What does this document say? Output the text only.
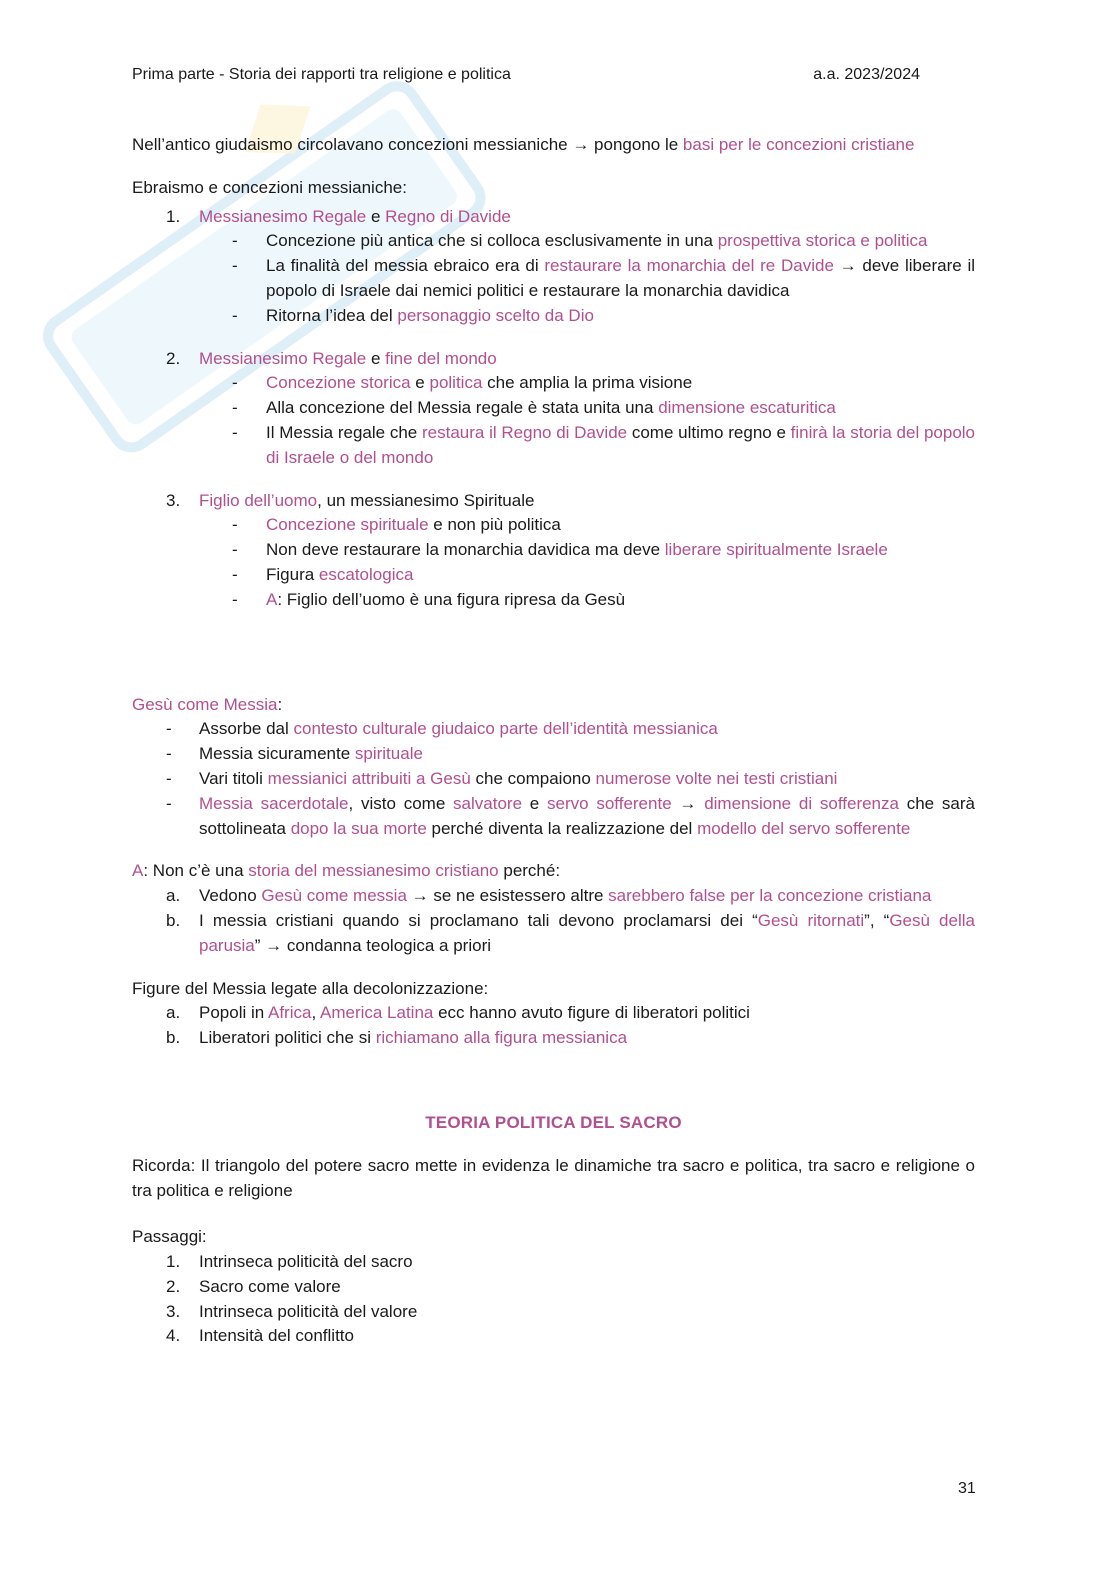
Prima parte - Storia dei rapporti tra religione e politica	a.a. 2023/2024

Nell’antico giudaismo circolavano concezioni messianiche → pongono le basi per le concezioni cristiane

Ebraismo e concezioni messianiche:

1. Messianesimo Regale e Regno di Davide
- Concezione più antica che si colloca esclusivamente in una prospettiva storica e politica
- La finalità del messia ebraico era di restaurare la monarchia del re Davide → deve liberare il popolo di Israele dai nemici politici e restaurare la monarchia davidica
- Ritorna l’idea del personaggio scelto da Dio
2. Messianesimo Regale e fine del mondo
- Concezione storica e politica che amplia la prima visione
- Alla concezione del Messia regale è stata unita una dimensione escaturitica
- Il Messia regale che restaura il Regno di Davide come ultimo regno e finirà la storia del popolo di Israele o del mondo
3. Figlio dell’uomo, un messianesimo Spirituale
- Concezione spirituale e non più politica
- Non deve restaurare la monarchia davidica ma deve liberare spiritualmente Israele
- Figura escatologica
- A: Figlio dell’uomo è una figura ripresa da Gesù

Gesù come Messia:

- Assorbe dal contesto culturale giudaico parte dell’identità messianica
- Messia sicuramente spirituale
- Vari titoli messianici attribuiti a Gesù che compaiono numerose volte nei testi cristiani
- Messia sacerdotale, visto come salvatore e servo sofferente → dimensione di sofferenza che sarà sottolineata dopo la sua morte perché diventa la realizzazione del modello del servo sofferente

A: Non c’è una storia del messianesimo cristiano perché:

a. Vedono Gesù come messia → se ne esistessero altre sarebbero false per la concezione cristiana
b. I messia cristiani quando si proclamano tali devono proclamarsi dei “Gesù ritornati”, “Gesù della parusia” → condanna teologica a priori

Figure del Messia legate alla decolonizzazione:

a. Popoli in Africa, America Latina ecc hanno avuto figure di liberatori politici
b. Liberatori politici che si richiamano alla figura messianica
TEORIA POLITICA DEL SACRO

Ricorda: Il triangolo del potere sacro mette in evidenza le dinamiche tra sacro e politica, tra sacro e religione o tra politica e religione

Passaggi:

1. Intrinseca politicità del sacro
2. Sacro come valore
3. Intrinseca politicità del valore
4. Intensità del conflitto
31
